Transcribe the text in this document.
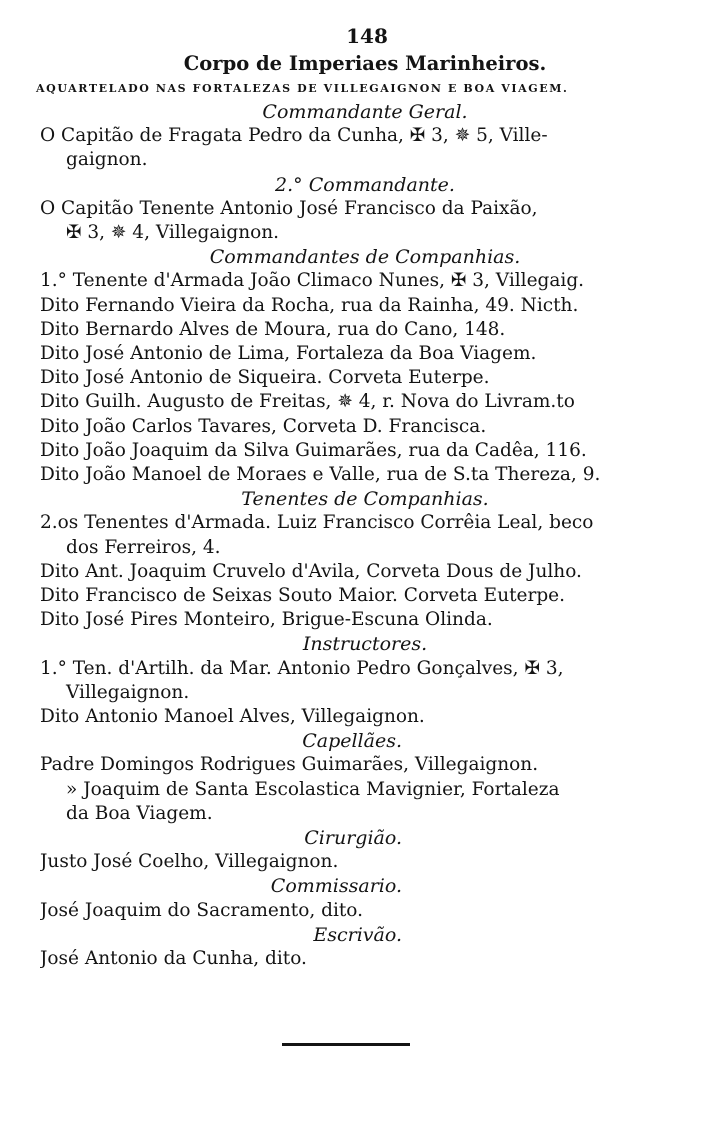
148
Corpo de Imperiaes Marinheiros.
AQUARTELADO NAS FORTALEZAS DE VILLEGAIGNON E BOA VIAGEM.
Commandante Geral.
O Capitão de Fragata Pedro da Cunha, ✠ 3, ✵ 5, Ville-
gaignon.
2.° Commandante.
O Capitão Tenente Antonio José Francisco da Paixão,
✠ 3, ✵ 4, Villegaignon.
Commandantes de Companhias.
1.° Tenente d'Armada João Climaco Nunes, ✠ 3, Villegaig.
Dito Fernando Vieira da Rocha, rua da Rainha, 49. Nicth.
Dito Bernardo Alves de Moura, rua do Cano, 148.
Dito José Antonio de Lima, Fortaleza da Boa Viagem.
Dito José Antonio de Siqueira. Corveta Euterpe.
Dito Guilh. Augusto de Freitas, ✵ 4, r. Nova do Livram.to
Dito João Carlos Tavares, Corveta D. Francisca.
Dito João Joaquim da Silva Guimarães, rua da Cadêa, 116.
Dito João Manoel de Moraes e Valle, rua de S.ta Thereza, 9.
Tenentes de Companhias.
2.os Tenentes d'Armada. Luiz Francisco Corrêia Leal, beco
dos Ferreiros, 4.
Dito Ant. Joaquim Cruvelo d'Avila, Corveta Dous de Julho.
Dito Francisco de Seixas Souto Maior. Corveta Euterpe.
Dito José Pires Monteiro, Brigue-Escuna Olinda.
Instructores.
1.° Ten. d'Artilh. da Mar. Antonio Pedro Gonçalves, ✠ 3,
Villegaignon.
Dito Antonio Manoel Alves, Villegaignon.
Capellães.
Padre Domingos Rodrigues Guimarães, Villegaignon.
» Joaquim de Santa Escolastica Mavignier, Fortaleza
da Boa Viagem.
Cirurgião.
Justo José Coelho, Villegaignon.
Commissario.
José Joaquim do Sacramento, dito.
Escrivão.
José Antonio da Cunha, dito.
